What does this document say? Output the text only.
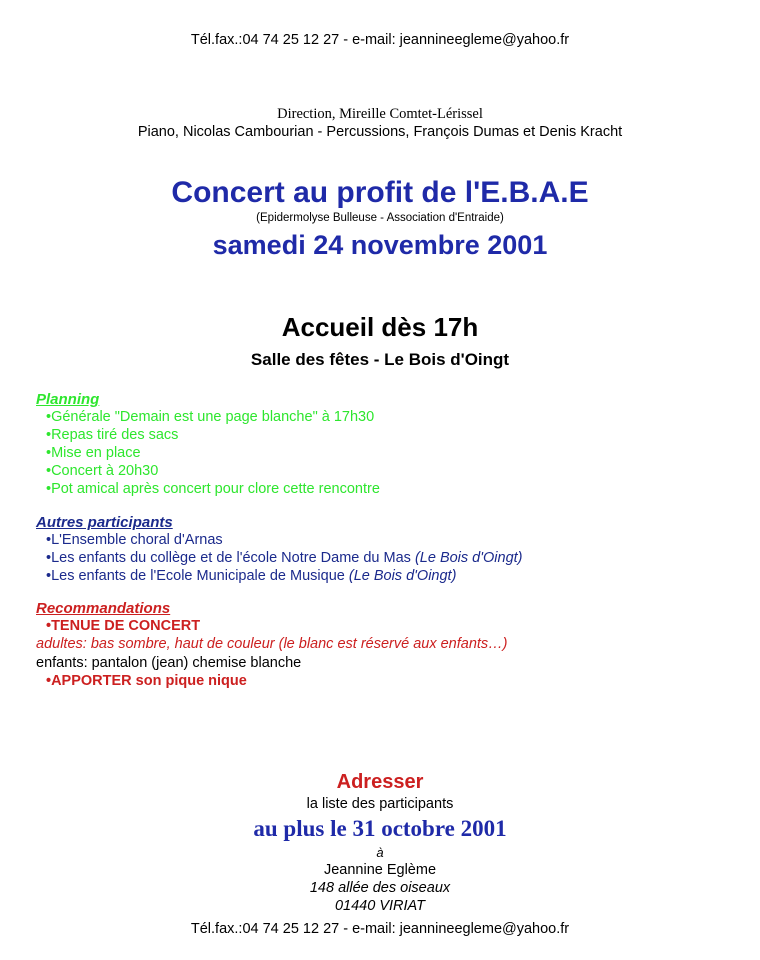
Tél.fax.:04 74 25 12 27 - e-mail: jeannineegleme@yahoo.fr
Direction, Mireille Comtet-Lérissel
Piano, Nicolas Cambourian - Percussions, François Dumas et Denis Kracht
Concert au profit de l'E.B.A.E
(Epidermolyse Bulleuse - Association d'Entraide)
samedi 24 novembre 2001
Accueil dès 17h
Salle des fêtes - Le Bois d'Oingt
Planning
•Générale "Demain est une page blanche" à 17h30
•Repas tiré des sacs
•Mise en place
•Concert à 20h30
•Pot amical après concert pour clore cette rencontre
Autres participants
•L'Ensemble choral d'Arnas
•Les enfants du collège et de l'école Notre Dame du Mas (Le Bois d'Oingt)
•Les enfants de l'Ecole Municipale de Musique (Le Bois d'Oingt)
Recommandations
•TENUE DE CONCERT
adultes: bas sombre, haut de couleur (le blanc est réservé aux enfants…)
enfants: pantalon (jean) chemise blanche
•APPORTER son pique nique
Adresser
la liste des participants
au plus le 31 octobre 2001
à
Jeannine Eglème
148 allée des oiseaux
01440 VIRIAT
Tél.fax.:04 74 25 12 27 - e-mail: jeannineegleme@yahoo.fr
